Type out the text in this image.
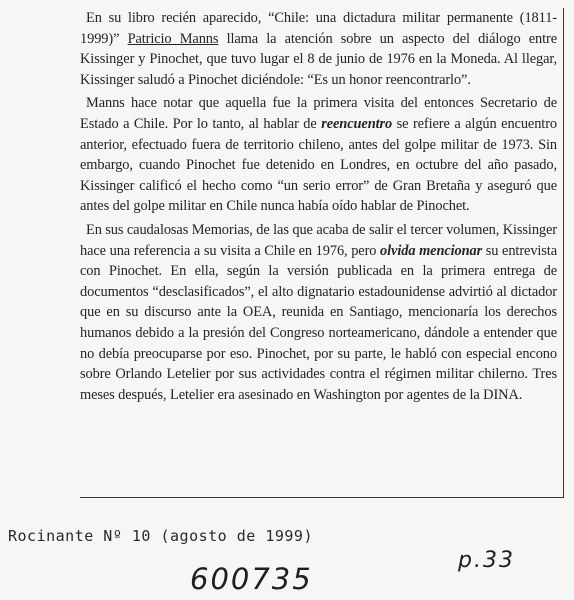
En su libro recién aparecido, “Chile: una dictadura militar permanente (1811-1999)” Patricio Manns llama la atención sobre un aspecto del diálogo entre Kissinger y Pinochet, que tuvo lugar el 8 de junio de 1976 en la Moneda. Al llegar, Kissinger saludó a Pinochet diciéndole: “Es un honor reencontrarlo”.

Manns hace notar que aquella fue la primera visita del entonces Secretario de Estado a Chile. Por lo tanto, al hablar de reencuentro se refiere a algún encuentro anterior, efectuado fuera de territorio chileno, antes del golpe militar de 1973. Sin embargo, cuando Pinochet fue detenido en Londres, en octubre del año pasado, Kissinger calificó el hecho como “un serio error” de Gran Bretaña y aseguró que antes del golpe militar en Chile nunca había oído hablar de Pinochet.

En sus caudalosas Memorias, de las que acaba de salir el tercer volumen, Kissinger hace una referencia a su visita a Chile en 1976, pero olvida mencionar su entrevista con Pinochet. En ella, según la versión publicada en la primera entrega de documentos “desclasificados”, el alto dignatario estadounidense advirtió al dictador que en su discurso ante la OEA, reunida en Santiago, mencionaría los derechos humanos debido a la presión del Congreso norteamericano, dándole a entender que no debía preocuparse por eso. Pinochet, por su parte, le habló con especial encono sobre Orlando Letelier por sus actividades contra el régimen militar chilerno. Tres meses después, Letelier era asesinado en Washington por agentes de la DINA.

Rocinante Nº 10 (agosto de 1999)
p.33
600735
